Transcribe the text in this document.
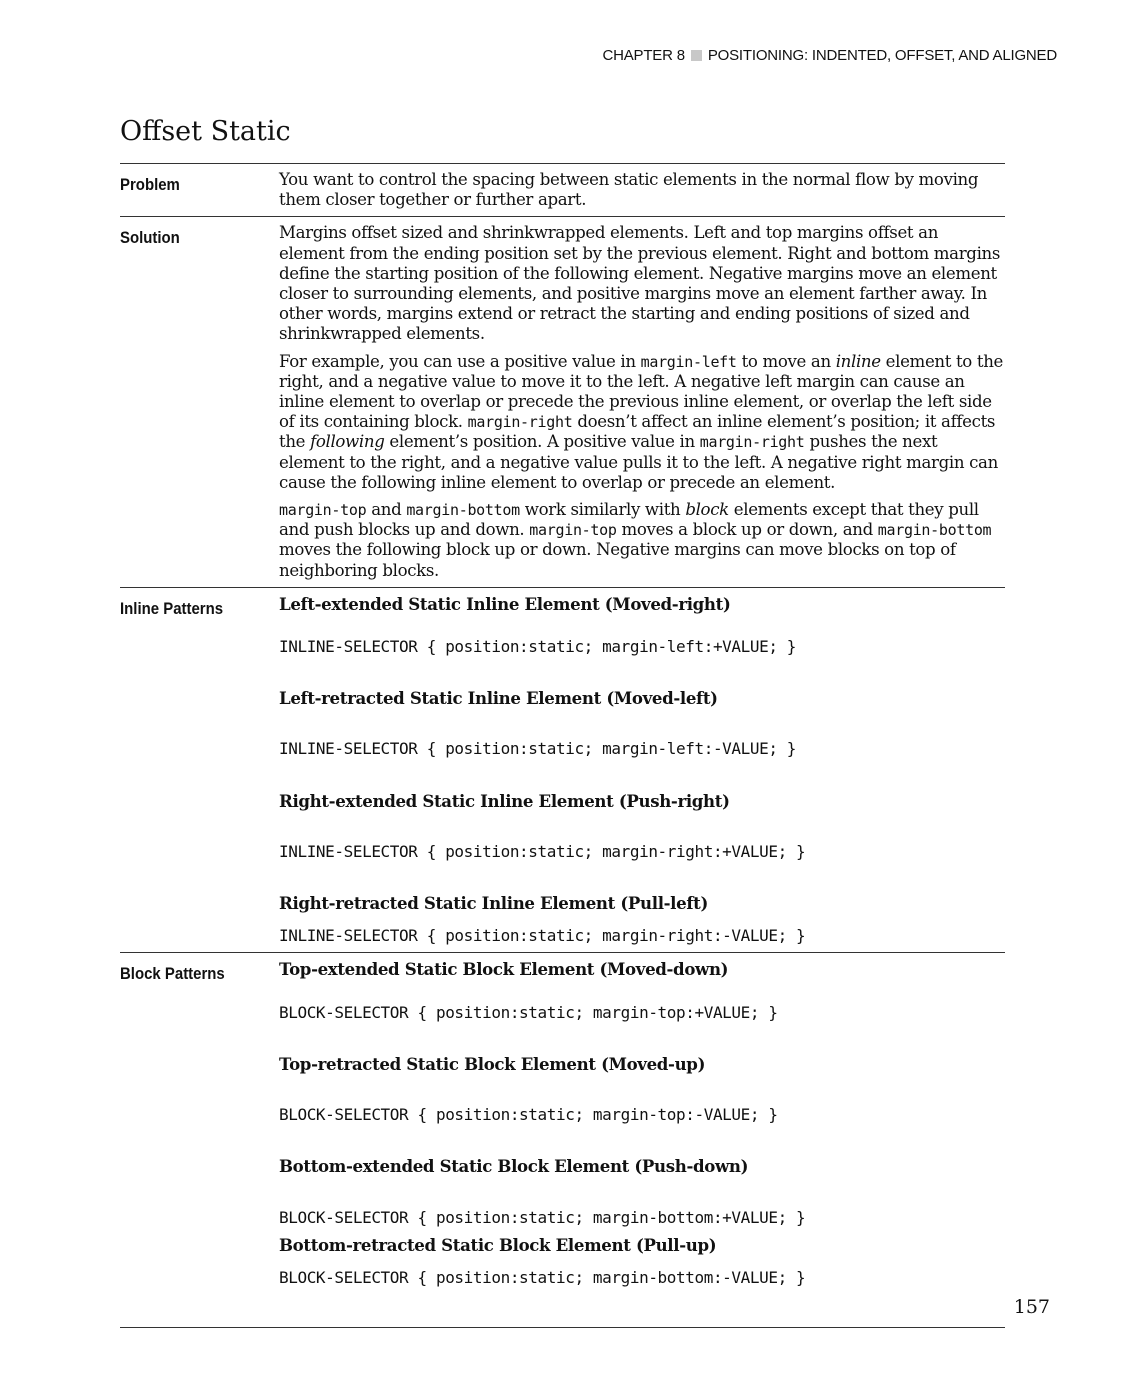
CHAPTER 8 POSITIONING: INDENTED, OFFSET, AND ALIGNED
Offset Static
Problem	You want to control the spacing between static elements in the normal flow by moving them closer together or further apart.

Solution	Margins offset sized and shrinkwrapped elements. Left and top margins offset an element from the ending position set by the previous element. Right and bottom margins define the starting position of the following element. Negative margins move an element closer to surrounding elements, and positive margins move an element farther away. In other words, margins extend or retract the starting and ending positions of sized and shrinkwrapped elements.

For example, you can use a positive value in margin-left to move an inline element to the right, and a negative value to move it to the left. A negative left margin can cause an inline element to overlap or precede the previous inline element, or overlap the left side of its containing block. margin-right doesn’t affect an inline element’s position; it affects the following element’s position. A positive value in margin-right pushes the next element to the right, and a negative value pulls it to the left. A negative right margin can cause the following inline element to overlap or precede an element.

margin-top and margin-bottom work similarly with block elements except that they pull and push blocks up and down. margin-top moves a block up or down, and margin-bottom moves the following block up or down. Negative margins can move blocks on top of neighboring blocks.

Inline Patterns	Left-extended Static Inline Element (Moved-right)

INLINE-SELECTOR { position:static; margin-left:+VALUE; }

Left-retracted Static Inline Element (Moved-left)

INLINE-SELECTOR { position:static; margin-left:-VALUE; }

Right-extended Static Inline Element (Push-right)

INLINE-SELECTOR { position:static; margin-right:+VALUE; }

Right-retracted Static Inline Element (Pull-left)

INLINE-SELECTOR { position:static; margin-right:-VALUE; }

Block Patterns	Top-extended Static Block Element (Moved-down)

BLOCK-SELECTOR { position:static; margin-top:+VALUE; }

Top-retracted Static Block Element (Moved-up)

BLOCK-SELECTOR { position:static; margin-top:-VALUE; }

Bottom-extended Static Block Element (Push-down)

BLOCK-SELECTOR { position:static; margin-bottom:+VALUE; }

Bottom-retracted Static Block Element (Pull-up)

BLOCK-SELECTOR { position:static; margin-bottom:-VALUE; }

157
